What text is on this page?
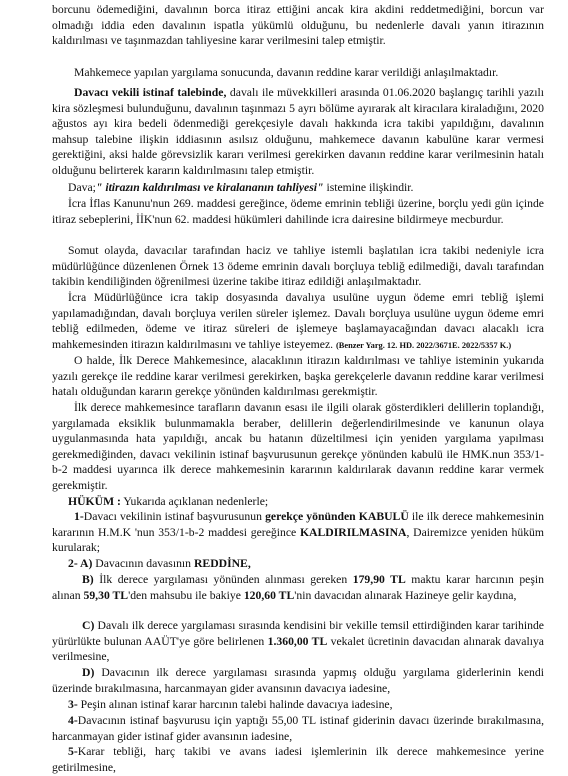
borcunu ödemediğini, davalının borca itiraz ettiğini ancak kira akdini reddetmediğini, borcun var olmadığı iddia eden davalının ispatla yükümlü olduğunu, bu nedenlerle davalı yanın itirazının kaldırılması ve taşınmazdan tahliyesine karar verilmesini talep etmiştir.

Mahkemece yapılan yargılama sonucunda, davanın reddine karar verildiği anlaşılmaktadır.

Davacı vekili istinaf talebinde, davalı ile müvekkilleri arasında 01.06.2020 başlangıç tarihli yazılı kira sözleşmesi bulunduğunu, davalının taşınmazı 5 ayrı bölüme ayırarak alt kiracılara kiraladığını, 2020 ağustos ayı kira bedeli ödenmediği gerekçesiyle davalı hakkında icra takibi yapıldığını, davalının mahsup talebine ilişkin iddiasının asılsız olduğunu, mahkemece davanın kabulüne karar vermesi gerektiğini, aksi halde görevsizlik kararı verilmesi gerekirken davanın reddine karar verilmesinin hatalı olduğunu belirterek kararın kaldırılmasını talep etmiştir.

Dava;" itirazın kaldırılması ve kiralananın tahliyesi" istemine ilişkindir.

İcra İflas Kanunu'nun 269. maddesi gereğince, ödeme emrinin tebliği üzerine, borçlu yedi gün içinde itiraz sebeplerini, İİK'nun 62. maddesi hükümleri dahilinde icra dairesine bildirmeye mecburdur.

Somut olayda, davacılar tarafından haciz ve tahliye istemli başlatılan icra takibi nedeniyle icra müdürlüğünce düzenlenen Örnek 13 ödeme emrinin davalı borçluya tebliğ edilmediği, davalı tarafından takibin kendiliğinden öğrenilmesi üzerine takibe itiraz edildiği anlaşılmaktadır.

İcra Müdürlüğünce icra takip dosyasında davalıya usulüne uygun ödeme emri tebliğ işlemi yapılamadığından, davalı borçluya verilen süreler işlemez. Davalı borçluya usulüne uygun ödeme emri tebliğ edilmeden, ödeme ve itiraz süreleri de işlemeye başlamayacağından davacı alacaklı icra mahkemesinden itirazın kaldırılmasını ve tahliye isteyemez. (Benzer Yarg. 12. HD. 2022/3671E. 2022/5357 K.)

O halde, İlk Derece Mahkemesince, alacaklının itirazın kaldırılması ve tahliye isteminin yukarıda yazılı gerekçe ile reddine karar verilmesi gerekirken, başka gerekçelerle davanın reddine karar verilmesi hatalı olduğundan kararın gerekçe yönünden kaldırılması gerekmiştir.

İlk derece mahkemesince tarafların davanın esası ile ilgili olarak gösterdikleri delillerin toplandığı, yargılamada eksiklik bulunmamakla beraber, delillerin değerlendirilmesinde ve kanunun olaya uygulanmasında hata yapıldığı, ancak bu hatanın düzeltilmesi için yeniden yargılama yapılması gerekmediğinden, davacı vekilinin istinaf başvurusunun gerekçe yönünden kabulü ile HMK.nun 353/1-b-2 maddesi uyarınca ilk derece mahkemesinin kararının kaldırılarak davanın reddine karar vermek gerekmiştir.

HÜKÜM : Yukarıda açıklanan nedenlerle;

1-Davacı vekilinin istinaf başvurusunun gerekçe yönünden KABULÜ ile ilk derece mahkemesinin kararının H.M.K 'nun 353/1-b-2 maddesi gereğince KALDIRILMASINA, Dairemizce yeniden hüküm kurularak;

2- A) Davacının davasının REDDİNE,

B) İlk derece yargılaması yönünden alınması gereken 179,90 TL maktu karar harcının peşin alınan 59,30 TL'den mahsubu ile bakiye 120,60 TL'nin davacıdan alınarak Hazineye gelir kaydına,

C) Davalı ilk derece yargılaması sırasında kendisini bir vekille temsil ettirdiğinden karar tarihinde yürürlükte bulunan AAÜT'ye göre belirlenen 1.360,00 TL vekalet ücretinin davacıdan alınarak davalıya verilmesine,

D) Davacının ilk derece yargılaması sırasında yapmış olduğu yargılama giderlerinin kendi üzerinde bırakılmasına, harcanmayan gider avansının davacıya iadesine,

3- Peşin alınan istinaf karar harcının talebi halinde davacıya iadesine,

4-Davacının istinaf başvurusu için yaptığı 55,00 TL istinaf giderinin davacı üzerinde bırakılmasına, harcanmayan gider istinaf gider avansının iadesine,

5-Karar tebliği, harç takibi ve avans iadesi işlemlerinin ilk derece mahkemesince yerine getirilmesine,
